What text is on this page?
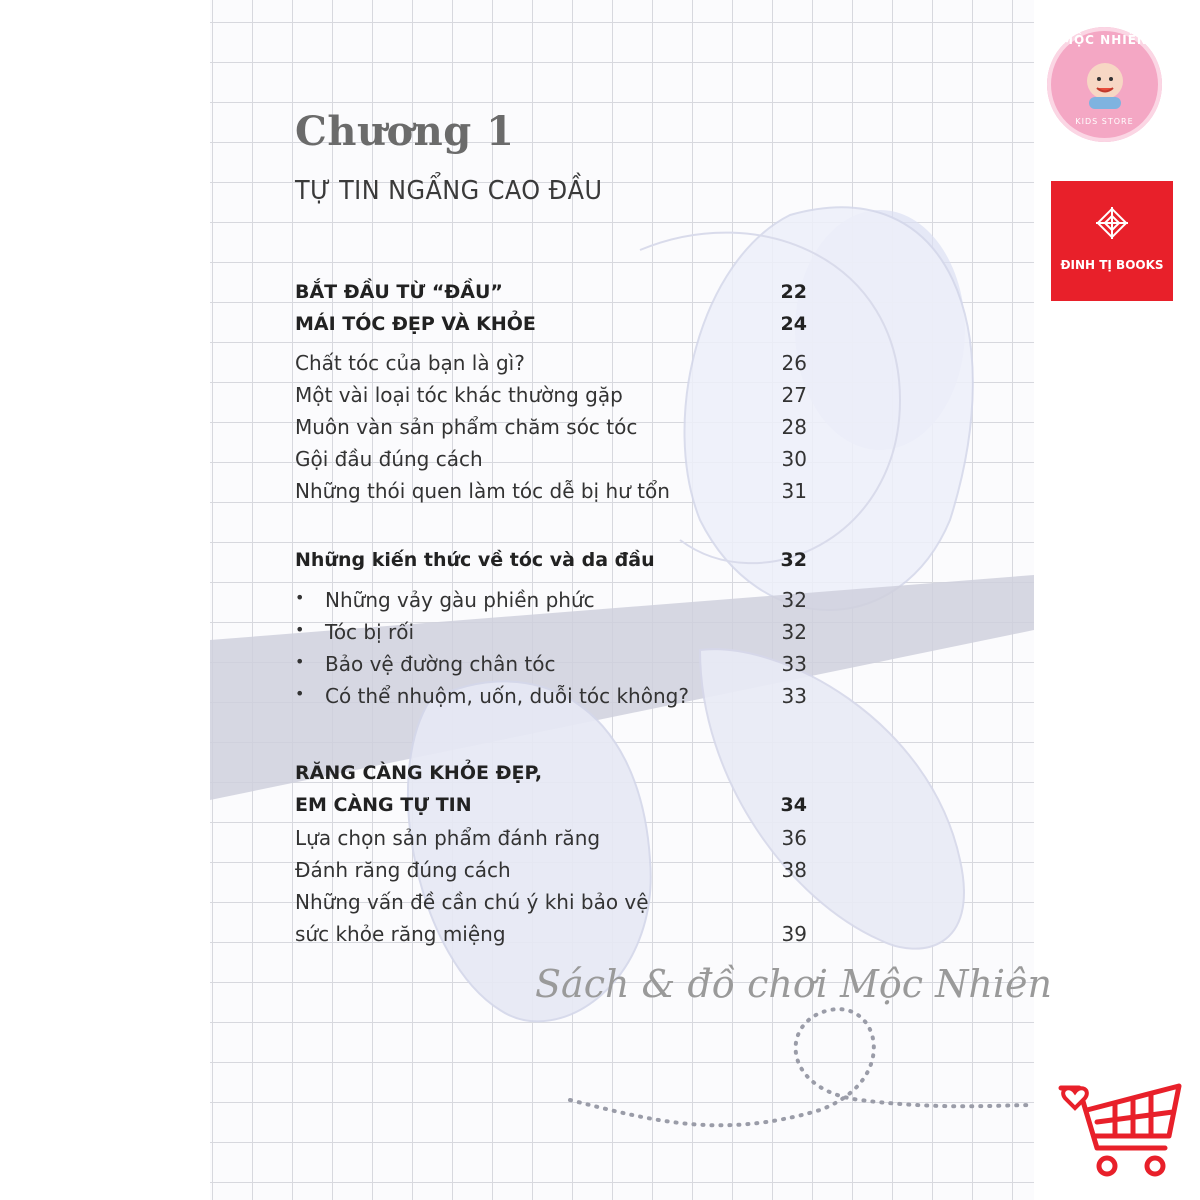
Chương 1
TỰ TIN NGẨNG CAO ĐẦU
BẮT ĐẦU TỪ “ĐẦU”	22
MÁI TÓC ĐẸP VÀ KHỎE	24
Chất tóc của bạn là gì?	26
Một vài loại tóc khác thường gặp	27
Muôn vàn sản phẩm chăm sóc tóc	28
Gội đầu đúng cách	30
Những thói quen làm tóc dễ bị hư tổn	31
Những kiến thức về tóc và da đầu	32
• Những vảy gàu phiền phức	32
• Tóc bị rối	32
• Bảo vệ đường chân tóc	33
• Có thể nhuộm, uốn, duỗi tóc không?	33
RĂNG CÀNG KHỎE ĐẸP,
EM CÀNG TỰ TIN	34
Lựa chọn sản phẩm đánh răng	36
Đánh răng đúng cách	38
Những vấn đề cần chú ý khi bảo vệ
sức khỏe răng miệng	39
MỘC NHIÊN
KIDS STORE
ĐINH TỊ BOOKS
Sách & đồ chơi Mộc Nhiên
